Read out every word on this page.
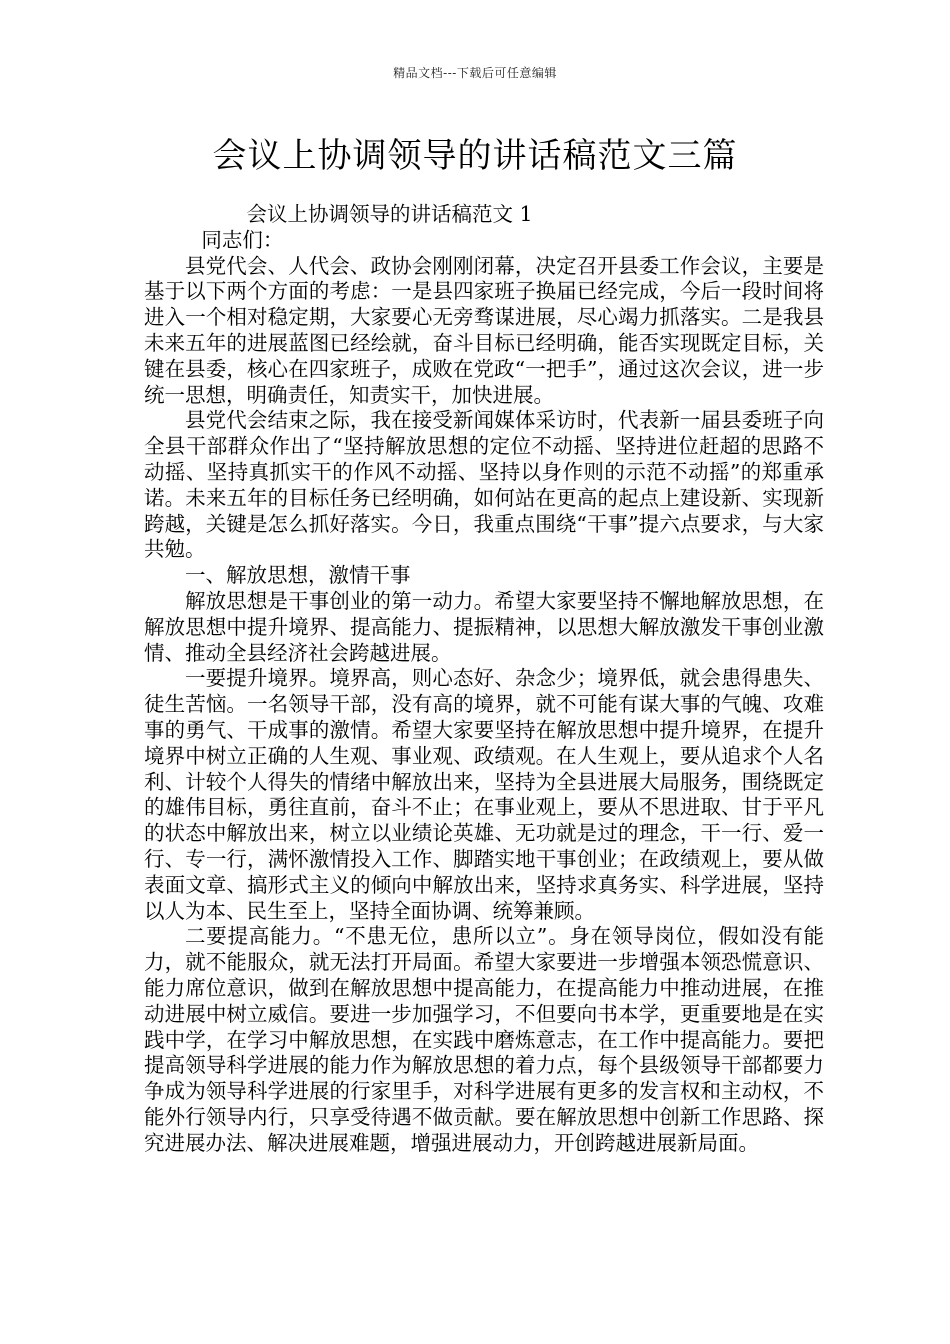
精品文档---下载后可任意编辑
会议上协调领导的讲话稿范文三篇

会议上协调领导的讲话稿范文 1

同志们：

县党代会、人代会、政协会刚刚闭幕，决定召开县委工作会议，主要是基于以下两个方面的考虑：一是县四家班子换届已经完成，今后一段时间将进入一个相对稳定期，大家要心无旁骛谋进展，尽心竭力抓落实。二是我县未来五年的进展蓝图已经绘就，奋斗目标已经明确，能否实现既定目标，关键在县委，核心在四家班子，成败在党政“一把手”，通过这次会议，进一步统一思想，明确责任，知责实干，加快进展。

县党代会结束之际，我在接受新闻媒体采访时，代表新一届县委班子向全县干部群众作出了“坚持解放思想的定位不动摇、坚持进位赶超的思路不动摇、坚持真抓实干的作风不动摇、坚持以身作则的示范不动摇”的郑重承诺。未来五年的目标任务已经明确，如何站在更高的起点上建设新、实现新跨越，关键是怎么抓好落实。今日，我重点围绕“干事”提六点要求，与大家共勉。

一、解放思想，激情干事

解放思想是干事创业的第一动力。希望大家要坚持不懈地解放思想，在解放思想中提升境界、提高能力、提振精神，以思想大解放激发干事创业激情、推动全县经济社会跨越进展。

一要提升境界。境界高，则心态好、杂念少；境界低，就会患得患失、徒生苦恼。一名领导干部，没有高的境界，就不可能有谋大事的气魄、攻难事的勇气、干成事的激情。希望大家要坚持在解放思想中提升境界，在提升境界中树立正确的人生观、事业观、政绩观。在人生观上，要从追求个人名利、计较个人得失的情绪中解放出来，坚持为全县进展大局服务，围绕既定的雄伟目标，勇往直前，奋斗不止；在事业观上，要从不思进取、甘于平凡的状态中解放出来，树立以业绩论英雄、无功就是过的理念，干一行、爱一行、专一行，满怀激情投入工作、脚踏实地干事创业；在政绩观上，要从做表面文章、搞形式主义的倾向中解放出来，坚持求真务实、科学进展，坚持以人为本、民生至上，坚持全面协调、统筹兼顾。

二要提高能力。“不患无位，患所以立”。身在领导岗位，假如没有能力，就不能服众，就无法打开局面。希望大家要进一步增强本领恐慌意识、能力席位意识，做到在解放思想中提高能力，在提高能力中推动进展，在推动进展中树立威信。要进一步加强学习，不但要向书本学，更重要地是在实践中学，在学习中解放思想，在实践中磨炼意志，在工作中提高能力。要把提高领导科学进展的能力作为解放思想的着力点，每个县级领导干部都要力争成为领导科学进展的行家里手，对科学进展有更多的发言权和主动权，不能外行领导内行，只享受待遇不做贡献。要在解放思想中创新工作思路、探究进展办法、解决进展难题，增强进展动力，开创跨越进展新局面。
